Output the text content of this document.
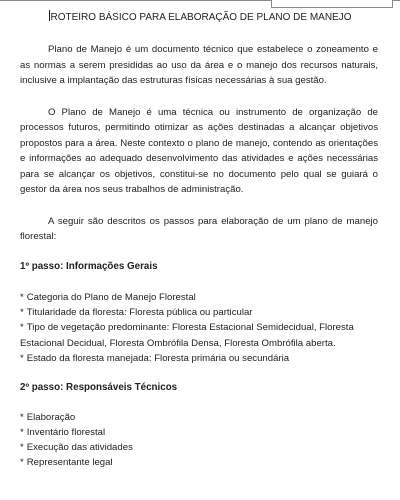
ROTEIRO BÁSICO PARA ELABORAÇÃO DE PLANO DE MANEJO

Plano de Manejo é um documento técnico que estabelece o zoneamento e as normas a serem presididas ao uso da área e o manejo dos recursos naturais, inclusive a implantação das estruturas físicas necessárias à sua gestão.

O Plano de Manejo é uma técnica ou instrumento de organização de processos futuros, permitindo otimizar as ações destinadas a alcançar objetivos propostos para a área. Neste contexto o plano de manejo, contendo as orientações e informações ao adequado desenvolvimento das atividades e ações necessárias para se alcançar os objetivos, constitui-se no documento pelo qual se guiará o gestor da área nos seus trabalhos de administração.

A seguir são descritos os passos para elaboração de um plano de manejo florestal:

1º passo: Informações Gerais
* Categoria do Plano de Manejo Florestal
* Titularidade da floresta: Floresta pública ou particular
* Tipo de vegetação predominante: Floresta Estacional Semidecidual, Floresta Estacional Decidual, Floresta Ombrófila Densa, Floresta Ombrófila aberta.
* Estado da floresta manejada: Floresta primária ou secundária
2º passo: Responsáveis Técnicos
* Elaboração
* Inventário florestal
* Execução das atividades
* Representante legal
